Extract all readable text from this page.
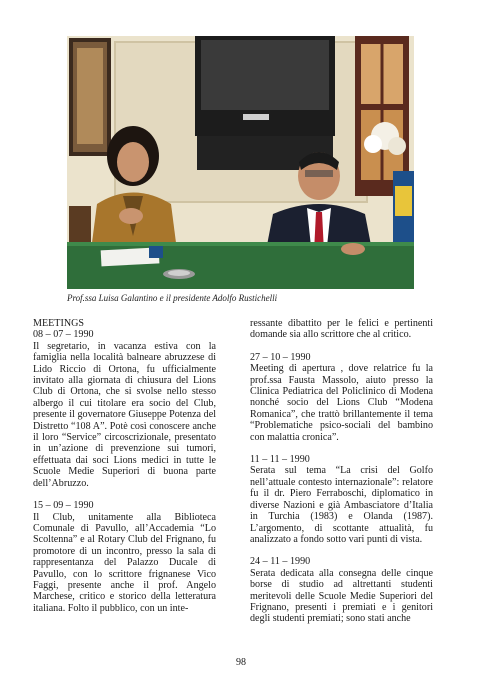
Prof.ssa Luisa Galantino e il presidente Adolfo Rustichelli
MEETINGS
08 – 07 – 1990

Il segretario, in vacanza estiva con la famiglia nella località balneare abruzzese di Lido Riccio di Ortona, fu ufficialmente invitato alla giornata di chiusura del Lions Club di Ortona, che si svolse nello stesso albergo il cui titolare era socio del Club, presente il governatore Giuseppe Potenza del Distretto “108 A”. Potè così conoscere anche il loro “Service” circoscrizionale, presentato in un’azione di prevenzione sui tumori, effettuata dai soci Lions medici in tutte le Scuole Medie Superiori di buona parte dell’Abruzzo.

15 – 09 – 1990

Il Club, unitamente alla Biblioteca Comunale di Pavullo, all’Accademia “Lo Scoltenna” e al Rotary Club del Frignano, fu promotore di un incontro, presso la sala di rappresentanza del Palazzo Ducale di Pavullo, con lo scrittore frignanese Vico Faggi, presente anche il prof. Angelo Marchese, critico e storico della letteratura italiana. Folto il pubblico, con un inte-

ressante dibattito per le felici e pertinenti domande sia allo scrittore che al critico.

27 – 10 – 1990

Meeting di apertura , dove relatrice fu la prof.ssa Fausta Massolo, aiuto presso la Clinica Pediatrica del Policlinico di Modena nonché socio del Lions Club “Modena Romanica”, che trattò brillantemente il tema “Problematiche psico-sociali del bambino con malattia cronica”.

11 – 11 – 1990

Serata sul tema “La crisi del Golfo nell’attuale contesto internazionale”: relatore fu il dr. Piero Ferraboschi, diplomatico in diverse Nazioni e già Ambasciatore d’Italia in Turchia (1983) e Olanda (1987). L’argomento, di scottante attualità, fu analizzato a fondo sotto vari punti di vista.

24 – 11 – 1990

Serata dedicata alla consegna delle cinque borse di studio ad altrettanti studenti meritevoli delle Scuole Medie Superiori del Frignano, presenti i premiati e i genitori degli studenti premiati; sono stati anche

98
